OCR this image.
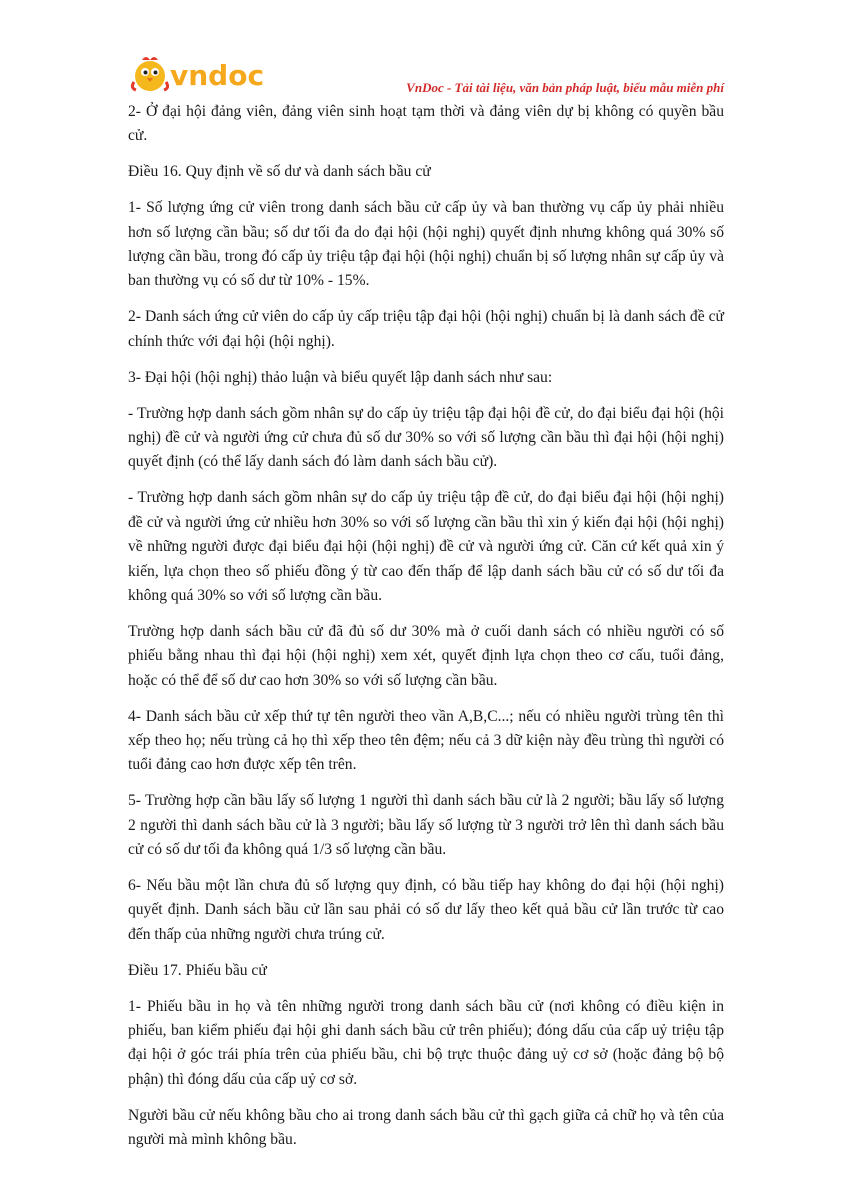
vndoc	VnDoc - Tải tài liệu, văn bản pháp luật, biểu mẫu miễn phí

2- Ở đại hội đảng viên, đảng viên sinh hoạt tạm thời và đảng viên dự bị không có quyền bầu cử.

Điều 16. Quy định về số dư và danh sách bầu cử

1- Số lượng ứng cử viên trong danh sách bầu cử cấp ủy và ban thường vụ cấp ủy phải nhiều hơn số lượng cần bầu; số dư tối đa do đại hội (hội nghị) quyết định nhưng không quá 30% số lượng cần bầu, trong đó cấp ủy triệu tập đại hội (hội nghị) chuẩn bị số lượng nhân sự cấp ủy và ban thường vụ có số dư từ 10% - 15%.

2- Danh sách ứng cử viên do cấp ủy cấp triệu tập đại hội (hội nghị) chuẩn bị là danh sách đề cử chính thức với đại hội (hội nghị).

3- Đại hội (hội nghị) thảo luận và biểu quyết lập danh sách như sau:

- Trường hợp danh sách gồm nhân sự do cấp ủy triệu tập đại hội đề cử, do đại biểu đại hội (hội nghị) đề cử và người ứng cử chưa đủ số dư 30% so với số lượng cần bầu thì đại hội (hội nghị) quyết định (có thể lấy danh sách đó làm danh sách bầu cử).

- Trường hợp danh sách gồm nhân sự do cấp ủy triệu tập đề cử, do đại biểu đại hội (hội nghị) đề cử và người ứng cử nhiều hơn 30% so với số lượng cần bầu thì xin ý kiến đại hội (hội nghị) về những người được đại biểu đại hội (hội nghị) đề cử và người ứng cử. Căn cứ kết quả xin ý kiến, lựa chọn theo số phiếu đồng ý từ cao đến thấp để lập danh sách bầu cử có số dư tối đa không quá 30% so với số lượng cần bầu.

Trường hợp danh sách bầu cử đã đủ số dư 30% mà ở cuối danh sách có nhiều người có số phiếu bằng nhau thì đại hội (hội nghị) xem xét, quyết định lựa chọn theo cơ cấu, tuổi đảng, hoặc có thể để số dư cao hơn 30% so với số lượng cần bầu.

4- Danh sách bầu cử xếp thứ tự tên người theo vần A,B,C...; nếu có nhiều người trùng tên thì xếp theo họ; nếu trùng cả họ thì xếp theo tên đệm; nếu cả 3 dữ kiện này đều trùng thì người có tuổi đảng cao hơn được xếp tên trên.

5- Trường hợp cần bầu lấy số lượng 1 người thì danh sách bầu cử là 2 người; bầu lấy số lượng 2 người thì danh sách bầu cử là 3 người; bầu lấy số lượng từ 3 người trở lên thì danh sách bầu cử có số dư tối đa không quá 1/3 số lượng cần bầu.

6- Nếu bầu một lần chưa đủ số lượng quy định, có bầu tiếp hay không do đại hội (hội nghị) quyết định. Danh sách bầu cử lần sau phải có số dư lấy theo kết quả bầu cử lần trước từ cao đến thấp của những người chưa trúng cử.

Điều 17. Phiếu bầu cử

1- Phiếu bầu in họ và tên những người trong danh sách bầu cử (nơi không có điều kiện in phiếu, ban kiểm phiếu đại hội ghi danh sách bầu cử trên phiếu); đóng dấu của cấp uỷ triệu tập đại hội ở góc trái phía trên của phiếu bầu, chi bộ trực thuộc đảng uỷ cơ sở (hoặc đảng bộ bộ phận) thì đóng dấu của cấp uỷ cơ sở.

Người bầu cử nếu không bầu cho ai trong danh sách bầu cử thì gạch giữa cả chữ họ và tên của người mà mình không bầu.
